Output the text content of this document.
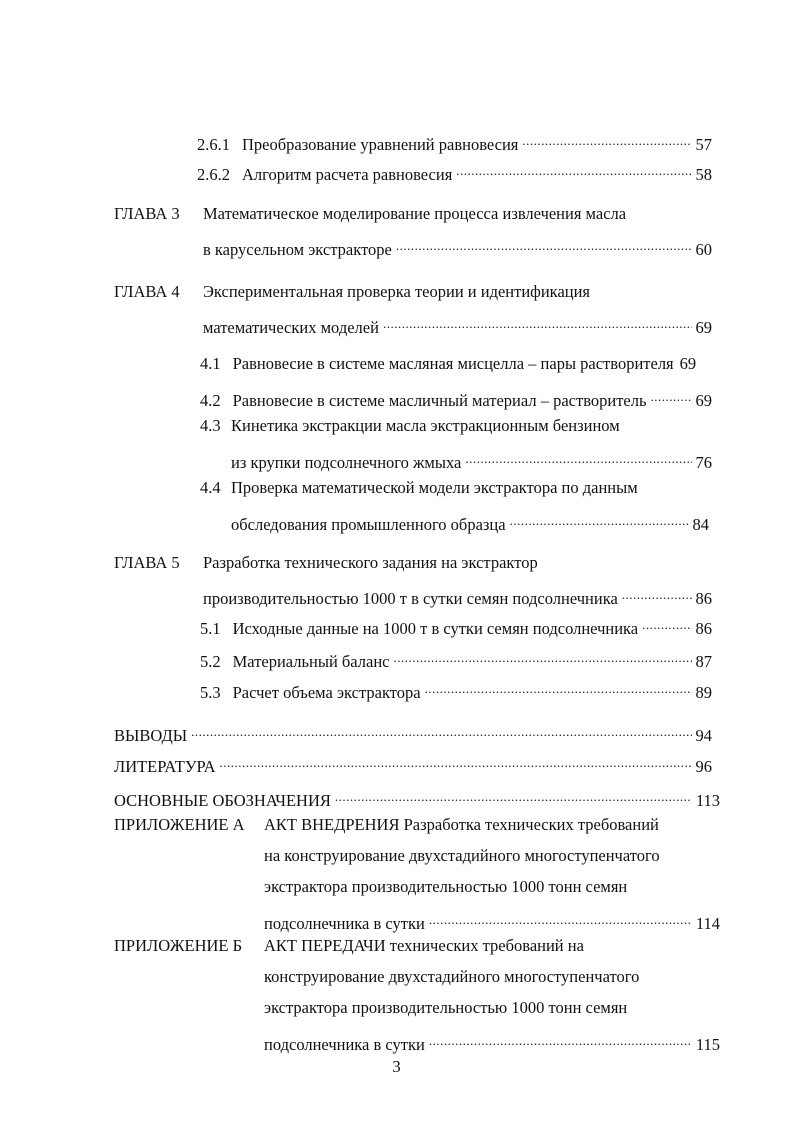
2.6.1 Преобразование уравнений равновесия .....	57
2.6.2 Алгоритм расчета равновесия .....	58
ГЛАВА 3 Математическое моделирование процесса извлечения масла
в карусельном экстракторе .....	60
ГЛАВА 4 Экспериментальная проверка теории и идентификация
математических моделей .....	69
4.1 Равновесие в системе масляная мисцелла – пары растворителя 69
4.2 Равновесие в системе масличный материал – растворитель .....	69
4.3 Кинетика экстракции масла экстракционным бензином
из крупки подсолнечного жмыха .....	76
4.4 Проверка математической модели экстрактора по данным
обследования промышленного образца .....	84
ГЛАВА 5 Разработка технического задания на экстрактор
производительностью 1000 т в сутки семян подсолнечника .....	86
5.1 Исходные данные на 1000 т в сутки семян подсолнечника .....	86
5.2 Материальный баланс .....	87
5.3 Расчет объема экстрактора .....	89
ВЫВОДЫ .....	94
ЛИТЕРАТУРА .....	96
ОСНОВНЫЕ ОБОЗНАЧЕНИЯ .....	113
ПРИЛОЖЕНИЕ А АКТ ВНЕДРЕНИЯ Разработка технических требований
на конструирование двухстадийного многоступенчатого
экстрактора производительностью 1000 тонн семян
подсолнечника в сутки .....	114
ПРИЛОЖЕНИЕ Б АКТ ПЕРЕДАЧИ технических требований на
конструирование двухстадийного многоступенчатого
экстрактора производительностью 1000 тонн семян
подсолнечника в сутки .....	115
3
